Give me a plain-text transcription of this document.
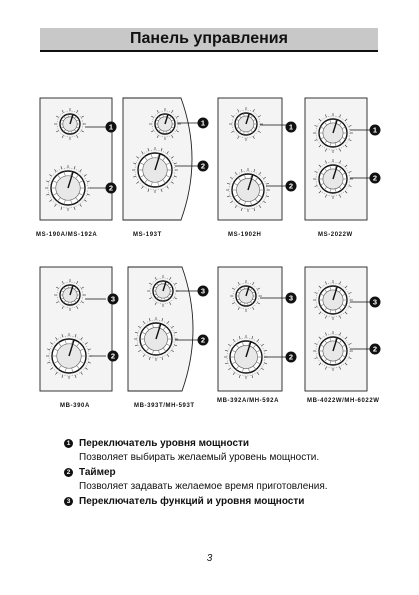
Панель управления
1
2
1
2
1
2
1
2
3
2
3
2
3
2
3
2
MS-190A/MS-192A	MS-193T	MS-1902H	MS-2022W
MB-390A	MB-393T/MH-593T
MB-392A/MH-592A	MB-4022W/MH-6022W
1 Переключатель уровня мощности
Позволяет выбирать желаемый уровень мощности.
2 Таймер
Позволяет задавать желаемое время приготовления.
3 Переключатель функций и уровня мощности
3
